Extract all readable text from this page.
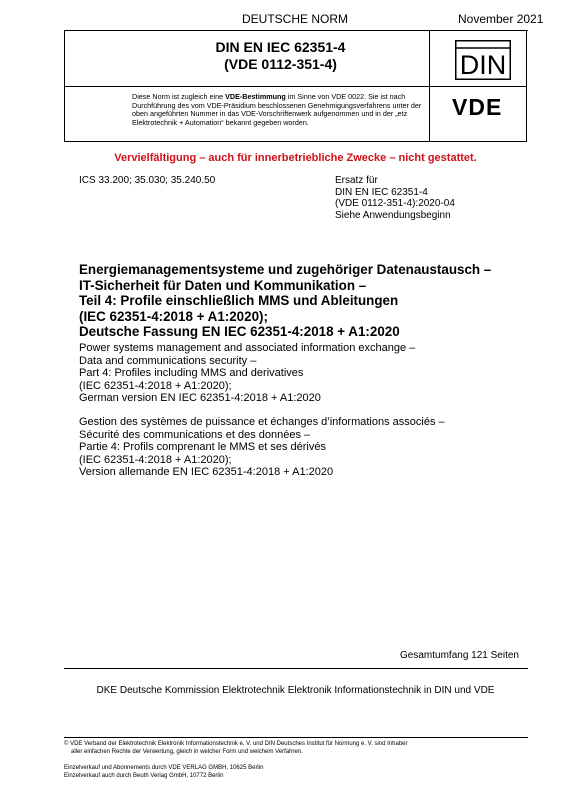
DEUTSCHE NORM	November 2021
DIN EN IEC 62351-4
(VDE 0112-351-4)	DIN
Diese Norm ist zugleich eine VDE-Bestimmung im Sinne von VDE 0022. Sie ist nach Durchführung des vom VDE-Präsidium beschlossenen Genehmigungsverfahrens unter der oben angeführten Nummer in das VDE-Vorschriftenwerk aufgenommen und in der „etz Elektrotechnik + Automation“ bekannt gegeben worden.
VDE
Vervielfältigung – auch für innerbetriebliche Zwecke – nicht gestattet.
ICS 33.200; 35.030; 35.240.50	Ersatz für
DIN EN IEC 62351-4
(VDE 0112-351-4):2020-04
Siehe Anwendungsbeginn
Energiemanagementsysteme und zugehöriger Datenaustausch –
IT-Sicherheit für Daten und Kommunikation –
Teil 4: Profile einschließlich MMS und Ableitungen
(IEC 62351-4:2018 + A1:2020);
Deutsche Fassung EN IEC 62351-4:2018 + A1:2020
Power systems management and associated information exchange –
Data and communications security –
Part 4: Profiles including MMS and derivatives
(IEC 62351-4:2018 + A1:2020);
German version EN IEC 62351-4:2018 + A1:2020
Gestion des systèmes de puissance et échanges d’informations associés –
Sécurité des communications et des données –
Partie 4: Profils comprenant le MMS et ses dérivés
(IEC 62351-4:2018 + A1:2020);
Version allemande EN IEC 62351-4:2018 + A1:2020
Gesamtumfang 121 Seiten
DKE Deutsche Kommission Elektrotechnik Elektronik Informationstechnik in DIN und VDE
© VDE Verband der Elektrotechnik Elektronik Informationstechnik e. V. und DIN Deutsches Institut für Normung e. V. sind Inhaber
aller einfachen Rechte der Verwertung, gleich in welcher Form und welchem Verfahren.
Einzelverkauf und Abonnements durch VDE VERLAG GMBH, 10625 Berlin
Einzelverkauf auch durch Beuth Verlag GmbH, 10772 Berlin
